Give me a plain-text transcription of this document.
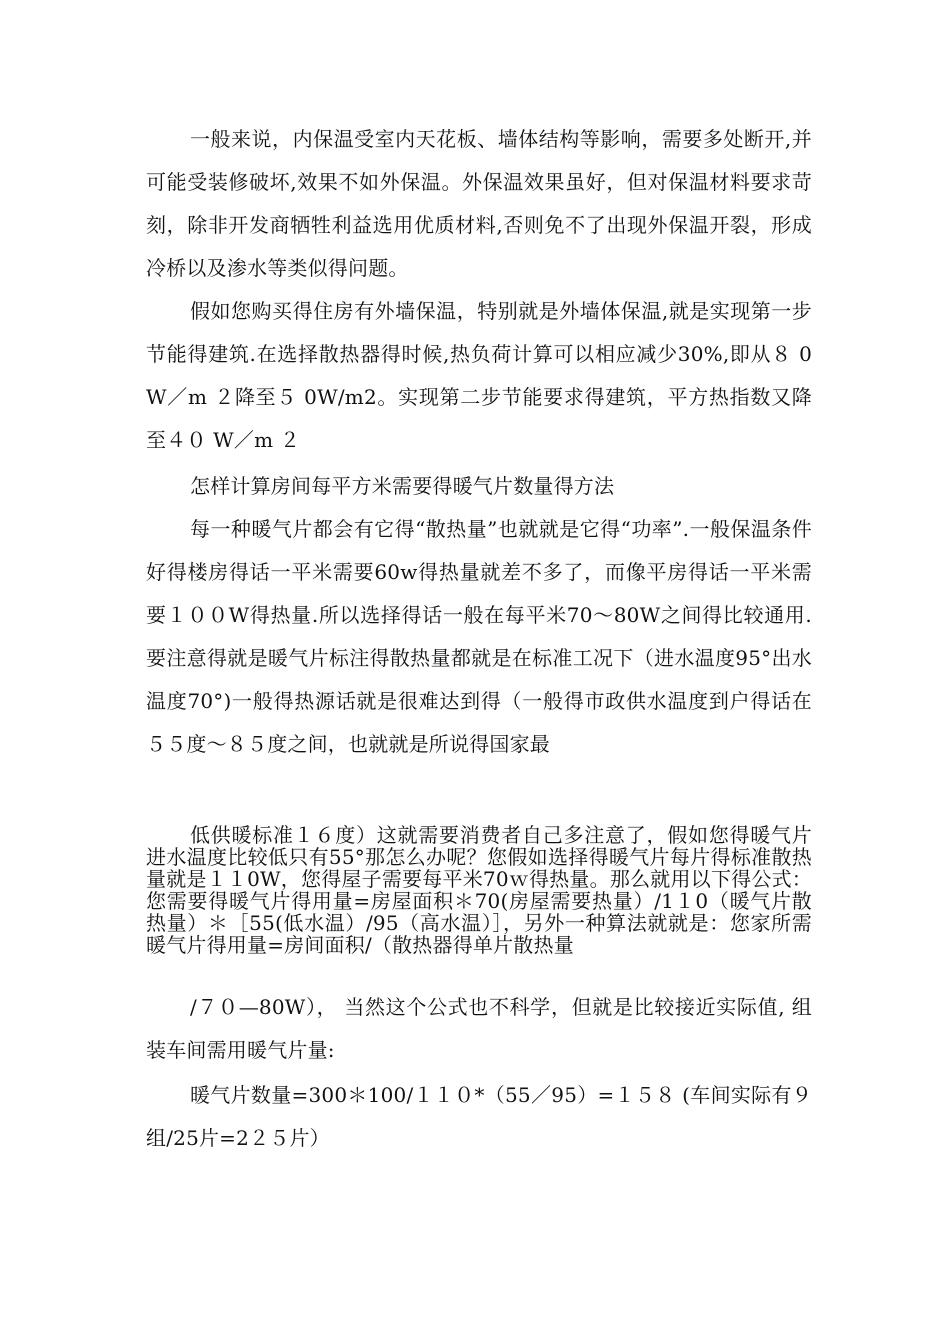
一般来说，内保温受室内天花板、墙体结构等影响，需要多处断开,并可能受装修破坏,效果不如外保温。外保温效果虽好，但对保温材料要求苛刻，除非开发商牺牲利益选用优质材料,否则免不了出现外保温开裂，形成冷桥以及渗水等类似得问题。

假如您购买得住房有外墙保温，特别就是外墙体保温,就是实现第一步节能得建筑.在选择散热器得时候,热负荷计算可以相应减少30%,即从８ 0W／m ２降至５ 0W/m2。实现第二步节能要求得建筑，平方热指数又降至４０ W／m ２

怎样计算房间每平方米需要得暖气片数量得方法

每一种暖气片都会有它得“散热量”也就就是它得“功率”.一般保温条件好得楼房得话一平米需要60w得热量就差不多了，而像平房得话一平米需要１００W得热量.所以选择得话一般在每平米70～80W之间得比较通用.要注意得就是暖气片标注得散热量都就是在标准工况下（进水温度95°出水温度70°)一般得热源话就是很难达到得（一般得市政供水温度到户得话在５５度～８５度之间，也就就是所说得国家最

低供暖标准１６度）这就需要消费者自己多注意了，假如您得暖气片进水温度比较低只有55°那怎么办呢？您假如选择得暖气片每片得标准散热量就是１１0W，您得屋子需要每平米70ｗ得热量。那么就用以下得公式：您需要得暖气片得用量=房屋面积＊70(房屋需要热量）/1１0（暖气片散热量）＊［55(低水温）/95（高水温）］，另外一种算法就就是：您家所需暖气片得用量=房间面积/（散热器得单片散热量

/７０—80W）， 当然这个公式也不科学，但就是比较接近实际值, 组装车间需用暖气片量:

暖气片数量=300＊100/１１０*（55／95）=１５８ (车间实际有９组/25片=2２５片）
